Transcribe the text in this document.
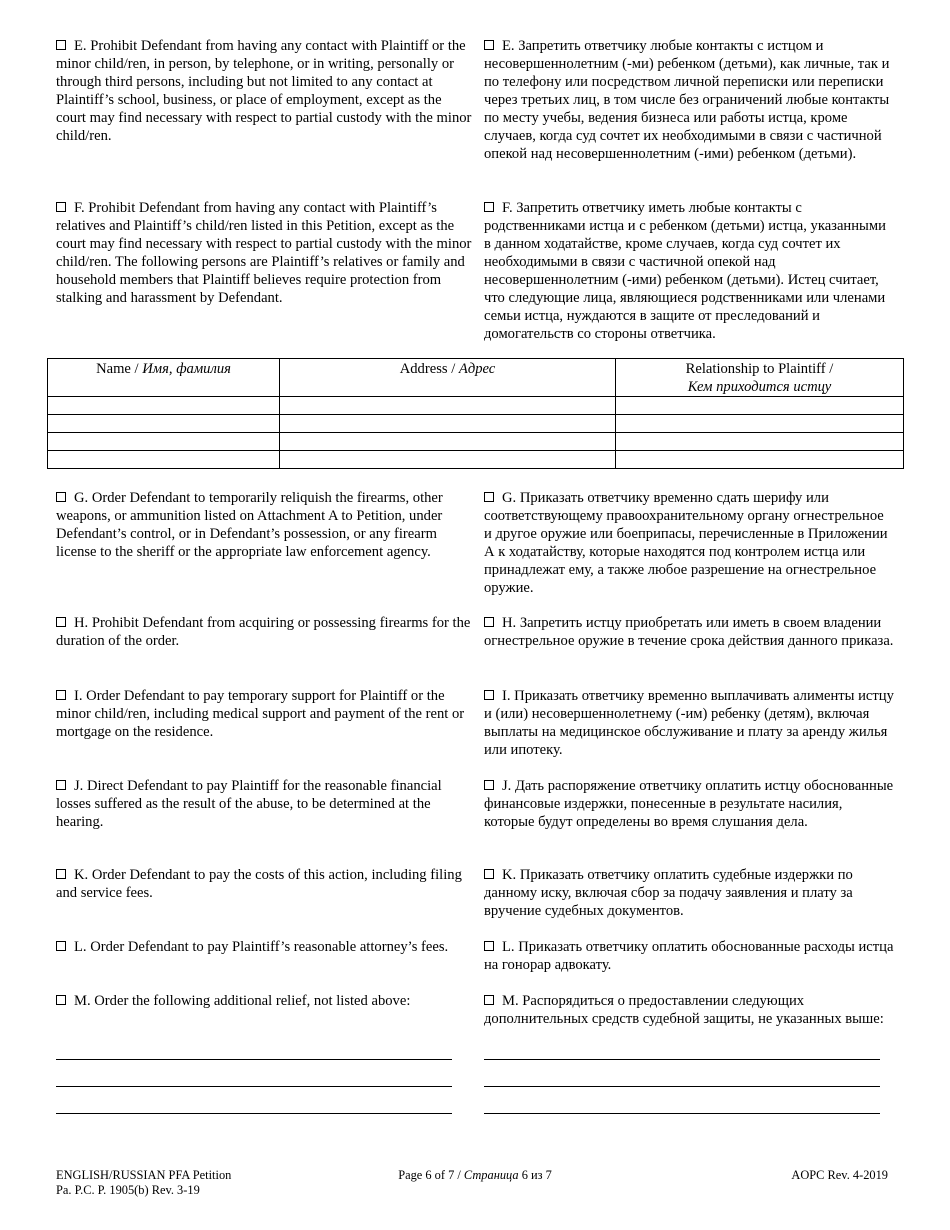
E. Prohibit Defendant from having any contact with Plaintiff or the minor child/ren, in person, by telephone, or in writing, personally or through third persons, including but not limited to any contact at Plaintiff’s school, business, or place of employment, except as the court may find necessary with respect to partial custody with the minor child/ren.

E. Запретить ответчику любые контакты с истцом и несовершеннолетним (-ми) ребенком (детьми), как личные, так и по телефону или посредством личной переписки или переписки через третьих лиц, в том числе без ограничений любые контакты по месту учебы, ведения бизнеса или работы истца, кроме случаев, когда суд сочтет их необходимыми в связи с частичной опекой над несовершеннолетним (-ими) ребенком (детьми).

F. Prohibit Defendant from having any contact with Plaintiff’s relatives and Plaintiff’s child/ren listed in this Petition, except as the court may find necessary with respect to partial custody with the minor child/ren. The following persons are Plaintiff’s relatives or family and household members that Plaintiff believes require protection from stalking and harassment by Defendant.

F. Запретить ответчику иметь любые контакты с родственниками истца и с ребенком (детьми) истца, указанными в данном ходатайстве, кроме случаев, когда суд сочтет их необходимыми в связи с частичной опекой над несовершеннолетним (-ими) ребенком (детьми). Истец считает, что следующие лица, являющиеся родственниками или членами семьи истца, нуждаются в защите от преследований и домогательств со стороны ответчика.

Name / Имя, фамилия	Address / Адрес	Relationship to Plaintiff /
Кем приходится истцу

G. Order Defendant to temporarily reliquish the firearms, other weapons, or ammunition listed on Attachment A to Petition, under Defendant’s control, or in Defendant’s possession, or any firearm license to the sheriff or the appropriate law enforcement agency.

G. Приказать ответчику временно сдать шерифу или соответствующему правоохранительному органу огнестрельное и другое оружие или боеприпасы, перечисленные в Приложении А к ходатайству, которые находятся под контролем истца или принадлежат ему, а также любое разрешение на огнестрельное оружие.

H. Prohibit Defendant from acquiring or possessing firearms for the duration of the order.

H. Запретить истцу приобретать или иметь в своем владении огнестрельное оружие в течение срока действия данного приказа.

I. Order Defendant to pay temporary support for Plaintiff or the minor child/ren, including medical support and payment of the rent or mortgage on the residence.

I. Приказать ответчику временно выплачивать алименты истцу и (или) несовершеннолетнему (-им) ребенку (детям), включая выплаты на медицинское обслуживание и плату за аренду жилья или ипотеку.

J. Direct Defendant to pay Plaintiff for the reasonable financial losses suffered as the result of the abuse, to be determined at the hearing.

J. Дать распоряжение ответчику оплатить истцу обоснованные финансовые издержки, понесенные в результате насилия, которые будут определены во время слушания дела.

K. Order Defendant to pay the costs of this action, including filing and service fees.

K. Приказать ответчику оплатить судебные издержки по данному иску, включая сбор за подачу заявления и плату за вручение судебных документов.

L. Order Defendant to pay Plaintiff’s reasonable attorney’s fees.	L. Приказать ответчику оплатить обоснованные расходы истца на гонорар адвокату.

M. Order the following additional relief, not listed above:	M. Распорядиться о предоставлении следующих дополнительных средств судебной защиты, не указанных выше:

ENGLISH/RUSSIAN PFA Petition
Pa. P.C. P. 1905(b) Rev. 3-19
Page 6 of 7 / Страница 6 из 7	AOPC Rev. 4-2019
